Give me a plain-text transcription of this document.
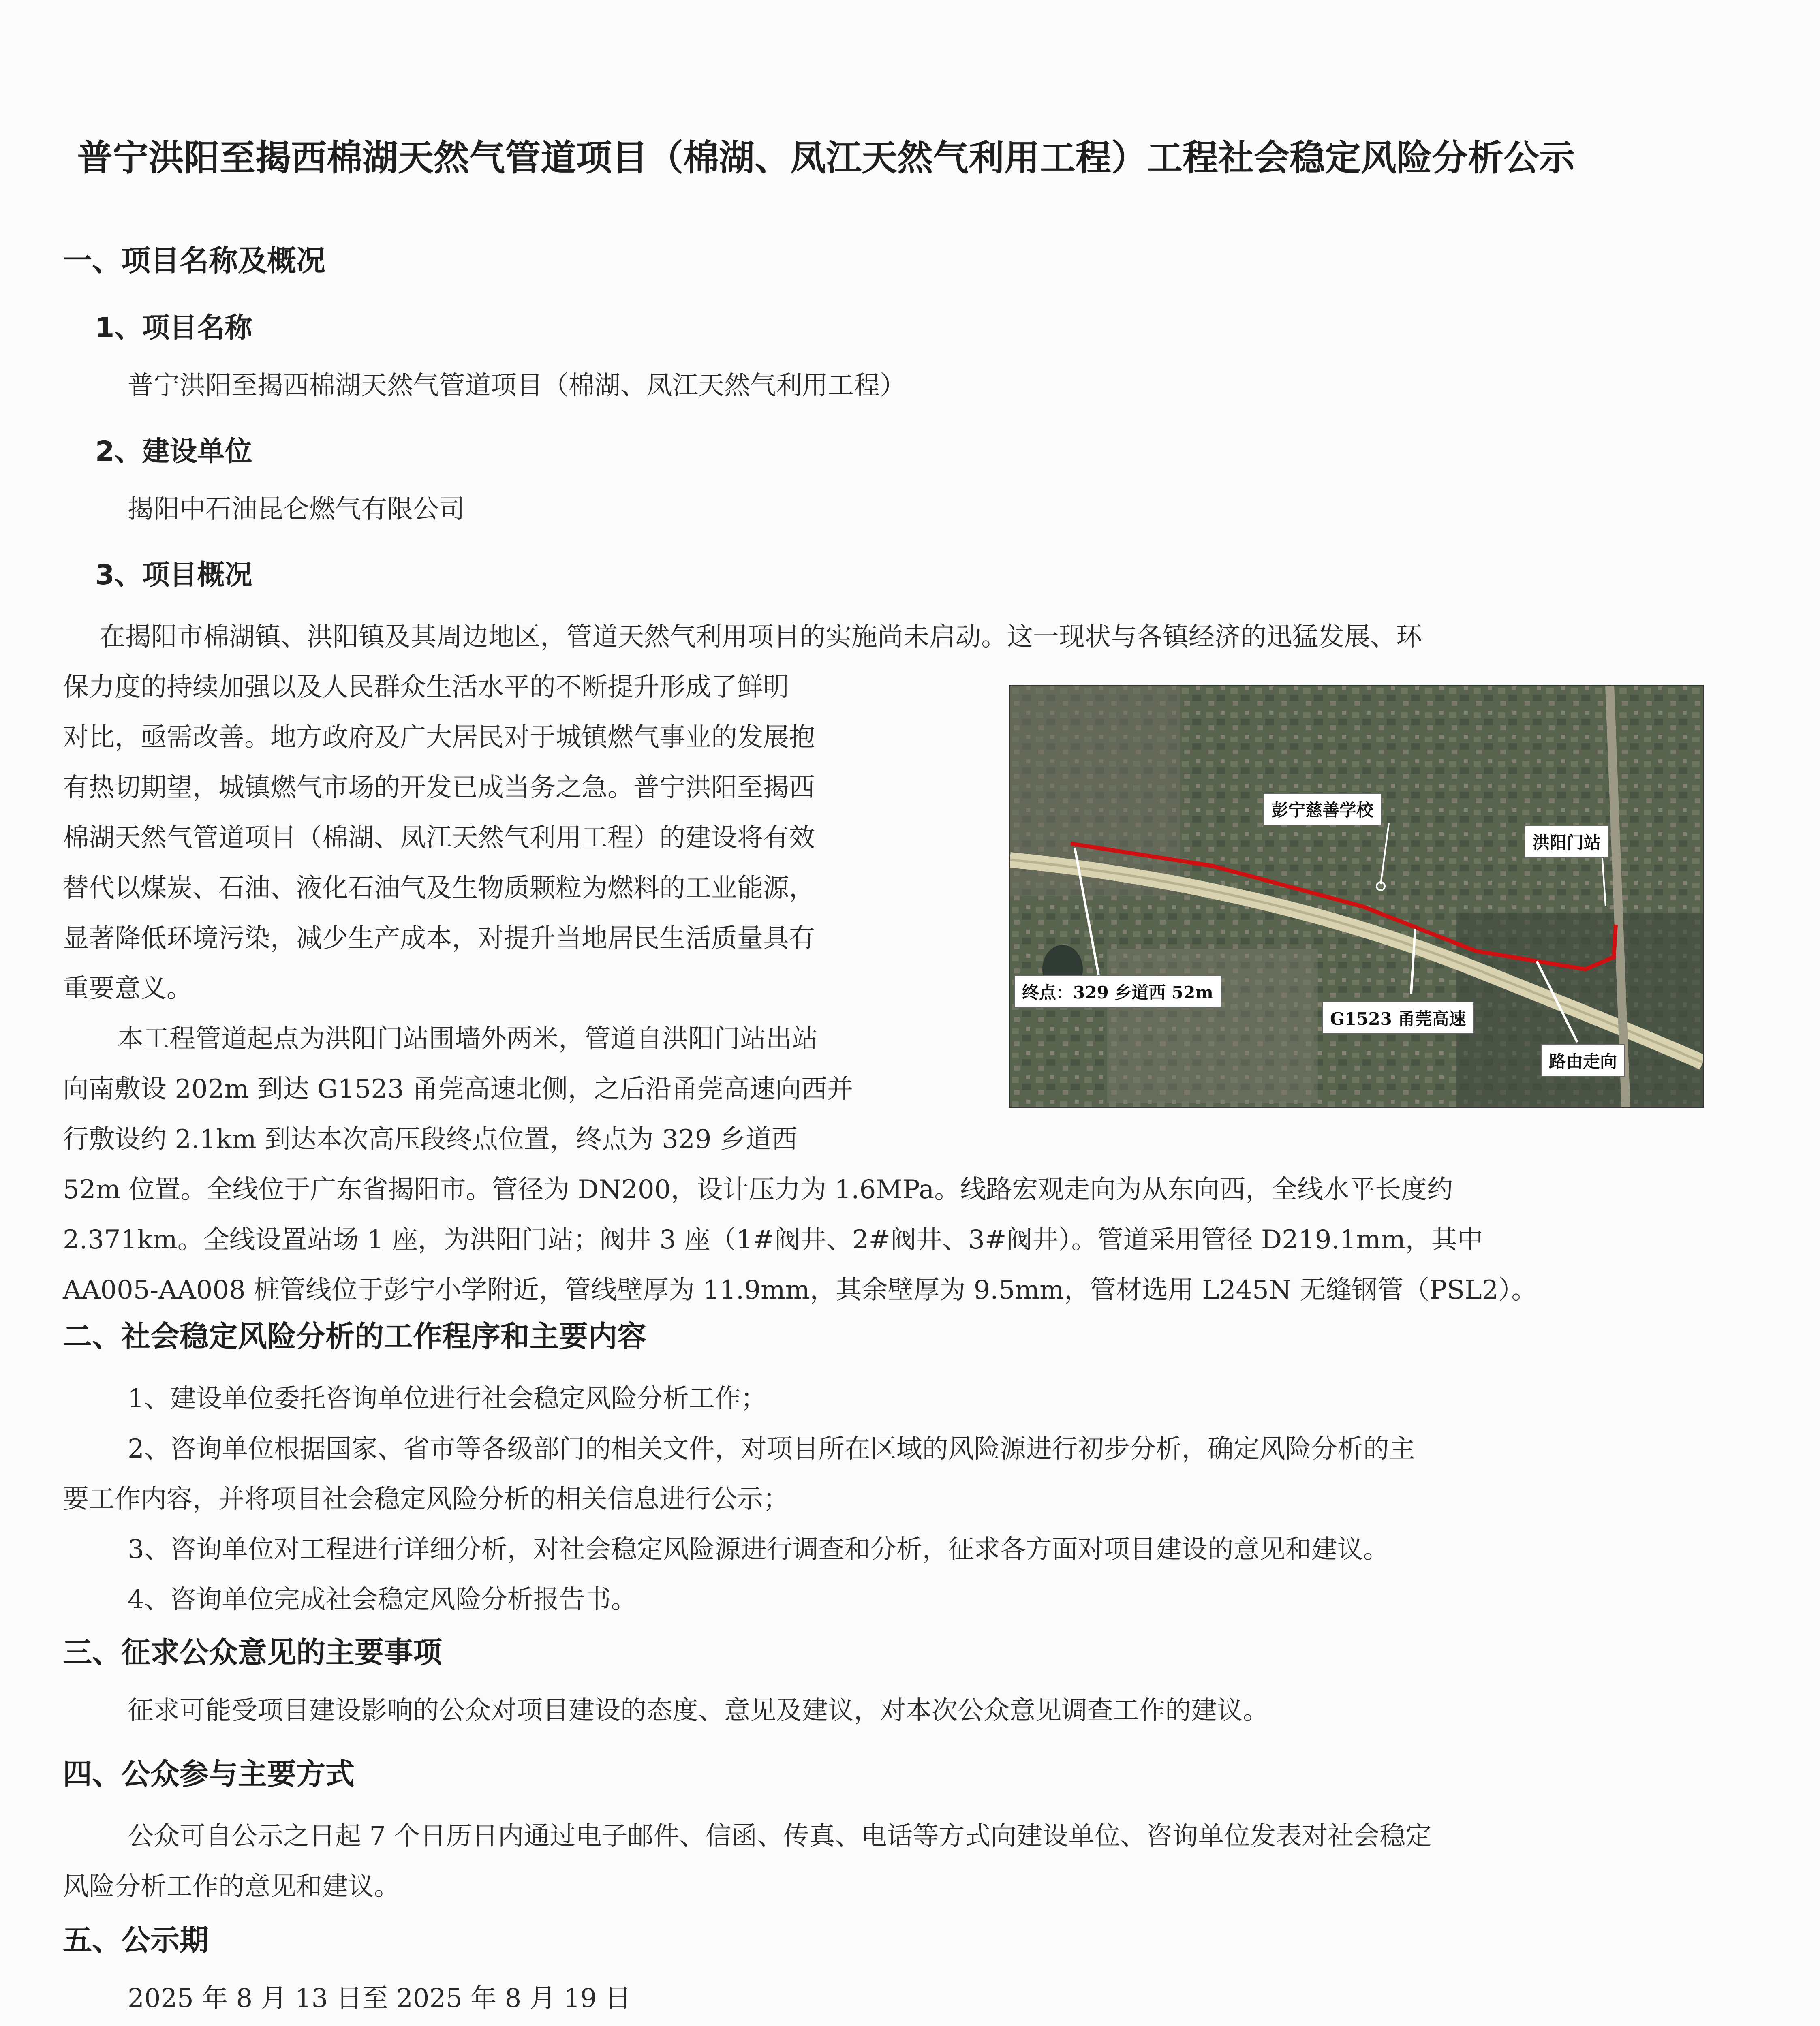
普宁洪阳至揭西棉湖天然气管道项目（棉湖、凤江天然气利用工程）工程社会稳定风险分析公示
一、项目名称及概况
1、项目名称
普宁洪阳至揭西棉湖天然气管道项目（棉湖、凤江天然气利用工程）
2、建设单位
揭阳中石油昆仑燃气有限公司
3、项目概况
在揭阳市棉湖镇、洪阳镇及其周边地区，管道天然气利用项目的实施尚未启动。这一现状与各镇经济的迅猛发展、环
保力度的持续加强以及人民群众生活水平的不断提升形成了鲜明
对比，亟需改善。地方政府及广大居民对于城镇燃气事业的发展抱
有热切期望，城镇燃气市场的开发已成当务之急。普宁洪阳至揭西
棉湖天然气管道项目（棉湖、凤江天然气利用工程）的建设将有效
替代以煤炭、石油、液化石油气及生物质颗粒为燃料的工业能源，
显著降低环境污染，减少生产成本，对提升当地居民生活质量具有
重要意义。
本工程管道起点为洪阳门站围墙外两米，管道自洪阳门站出站
向南敷设 202m 到达 G1523 甬莞高速北侧，之后沿甬莞高速向西并
行敷设约 2.1km 到达本次高压段终点位置，终点为 329 乡道西
52m 位置。全线位于广东省揭阳市。管径为 DN200，设计压力为 1.6MPa。线路宏观走向为从东向西，全线水平长度约
2.371km。全线设置站场 1 座，为洪阳门站；阀井 3 座（1#阀井、2#阀井、3#阀井）。管道采用管径 D219.1mm，其中
AA005-AA008 桩管线位于彭宁小学附近，管线壁厚为 11.9mm，其余壁厚为 9.5mm，管材选用 L245N 无缝钢管（PSL2）。
彭宁慈善学校
洪阳门站
终点：329 乡道西 52m
G1523 甬莞高速
路由走向
二、社会稳定风险分析的工作程序和主要内容
1、建设单位委托咨询单位进行社会稳定风险分析工作；
2、咨询单位根据国家、省市等各级部门的相关文件，对项目所在区域的风险源进行初步分析，确定风险分析的主
要工作内容，并将项目社会稳定风险分析的相关信息进行公示；
3、咨询单位对工程进行详细分析，对社会稳定风险源进行调查和分析，征求各方面对项目建设的意见和建议。
4、咨询单位完成社会稳定风险分析报告书。
三、征求公众意见的主要事项
征求可能受项目建设影响的公众对项目建设的态度、意见及建议，对本次公众意见调查工作的建议。
四、公众参与主要方式
公众可自公示之日起 7 个日历日内通过电子邮件、信函、传真、电话等方式向建设单位、咨询单位发表对社会稳定
风险分析工作的意见和建议。
五、公示期
2025 年 8 月 13 日至 2025 年 8 月 19 日
